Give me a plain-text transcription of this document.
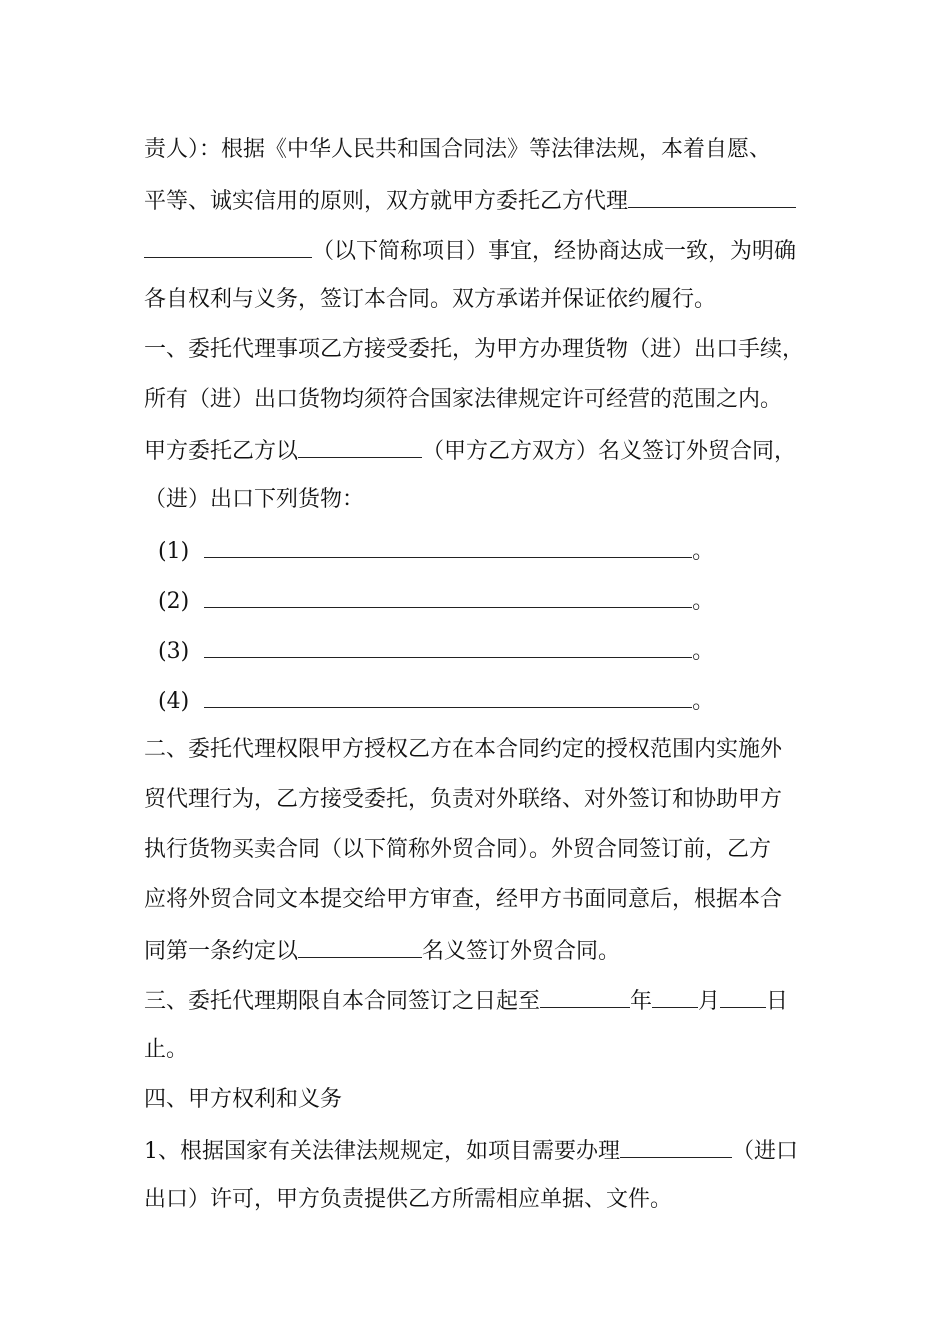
责人）：根据《中华人民共和国合同法》等法律法规，本着自愿、
平等、诚实信用的原则，双方就甲方委托乙方代理
（以下简称项目）事宜，经协商达成一致，为明确
各自权利与义务，签订本合同。双方承诺并保证依约履行。
一、委托代理事项乙方接受委托，为甲方办理货物（进）出口手续，
所有（进）出口货物均须符合国家法律规定许可经营的范围之内。
甲方委托乙方以	（甲方乙方双方）名义签订外贸合同，
（进）出口下列货物：
(1)	。
(2)	。
(3)	。
(4)	。
二、委托代理权限甲方授权乙方在本合同约定的授权范围内实施外
贸代理行为，乙方接受委托，负责对外联络、对外签订和协助甲方
执行货物买卖合同（以下简称外贸合同）。外贸合同签订前，乙方
应将外贸合同文本提交给甲方审查，经甲方书面同意后，根据本合
同第一条约定以	名义签订外贸合同。
三、委托代理期限自本合同签订之日起至	年 月 日
止。
四、甲方权利和义务
1、根据国家有关法律法规规定，如项目需要办理	（进口
出口）许可，甲方负责提供乙方所需相应单据、文件。
